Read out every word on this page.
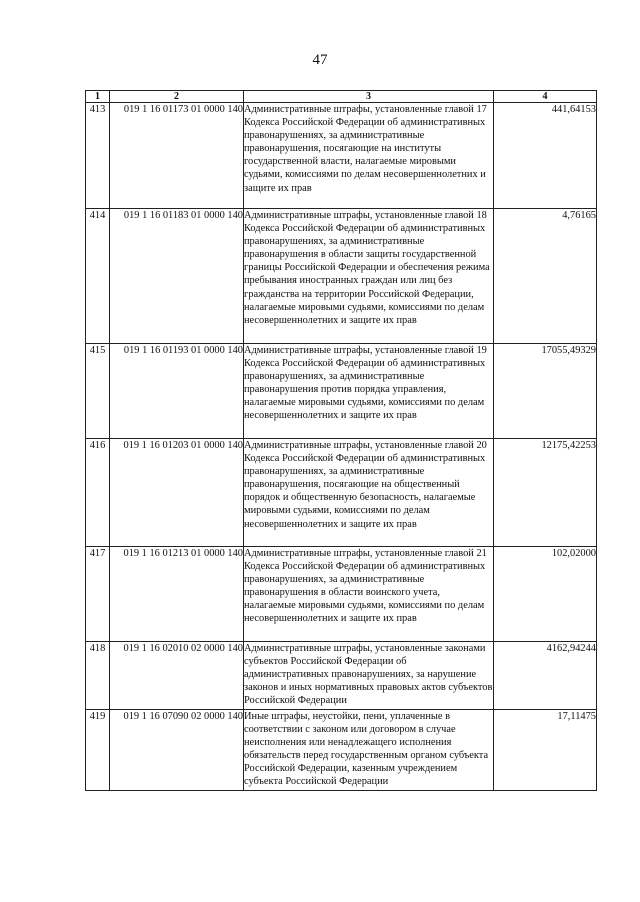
47
1	2	3	4
413	019 1 16 01173 01 0000 140	Административные штрафы, установленные главой 17 Кодекса Российской Федерации об административных правонарушениях, за административные правонарушения, посягающие на институты государственной власти, налагаемые мировыми судьями, комиссиями по делам несовершеннолетних и защите их прав	441,64153
414	019 1 16 01183 01 0000 140	Административные штрафы, установленные главой 18 Кодекса Российской Федерации об административных правонарушениях, за административные правонарушения в области защиты государственной границы Российской Федерации и обеспечения режима пребывания иностранных граждан или лиц без гражданства на территории Российской Федерации, налагаемые мировыми судьями, комиссиями по делам несовершеннолетних и защите их прав	4,76165
415	019 1 16 01193 01 0000 140	Административные штрафы, установленные главой 19 Кодекса Российской Федерации об административных правонарушениях, за административные правонарушения против порядка управления, налагаемые мировыми судьями, комиссиями по делам несовершеннолетних и защите их прав	17055,49329
416	019 1 16 01203 01 0000 140	Административные штрафы, установленные главой 20 Кодекса Российской Федерации об административных правонарушениях, за административные правонарушения, посягающие на общественный порядок и общественную безопасность, налагаемые мировыми судьями, комиссиями по делам несовершеннолетних и защите их прав	12175,42253
417	019 1 16 01213 01 0000 140	Административные штрафы, установленные главой 21 Кодекса Российской Федерации об административных правонарушениях, за административные правонарушения в области воинского учета, налагаемые мировыми судьями, комиссиями по делам несовершеннолетних и защите их прав	102,02000
418	019 1 16 02010 02 0000 140	Административные штрафы, установленные законами субъектов Российской Федерации об административных правонарушениях, за нарушение законов и иных нормативных правовых актов субъектов Российской Федерации	4162,94244
419	019 1 16 07090 02 0000 140	Иные штрафы, неустойки, пени, уплаченные в соответствии с законом или договором в случае неисполнения или ненадлежащего исполнения обязательств перед государственным органом субъекта Российской Федерации, казенным учреждением субъекта Российской Федерации	17,11475
